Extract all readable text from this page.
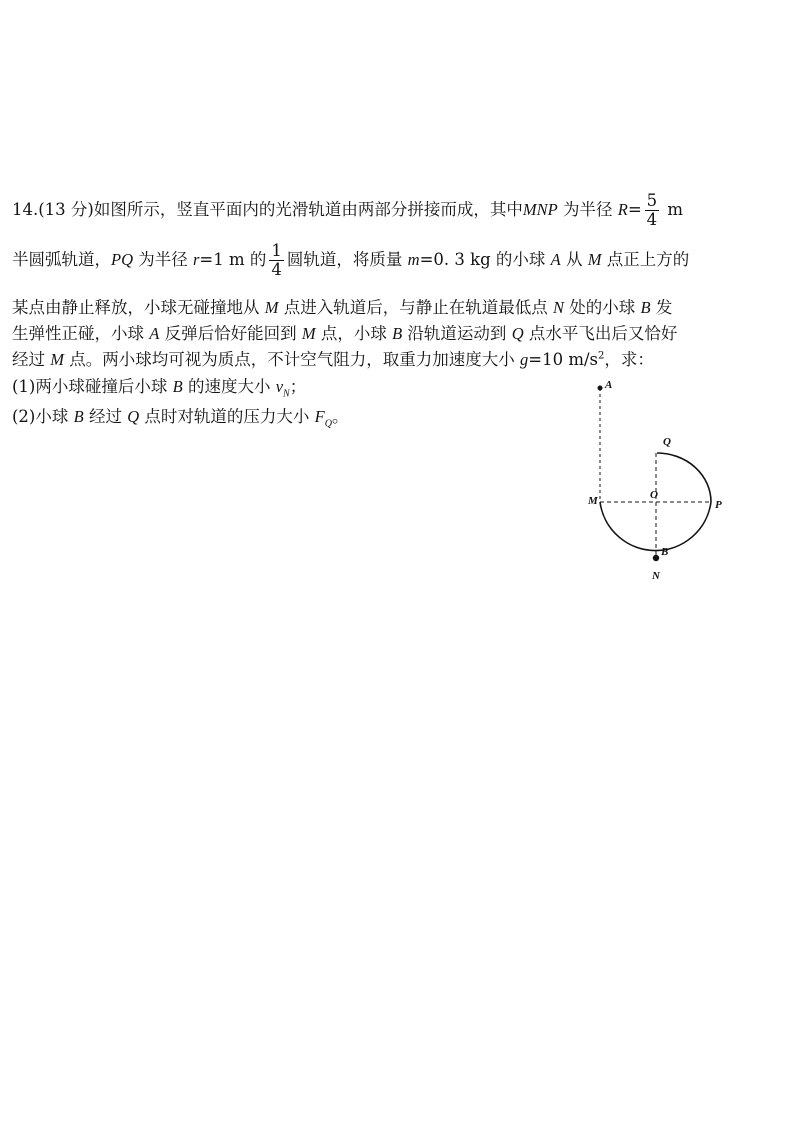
14.(13 分)如图所示，竖直平面内的光滑轨道由两部分拼接而成，其中MNP 为半径 $R= \frac{5}{4}$ m
半圆弧轨道，PQ 为半径 r=1 m 的 $\frac{1}{4}$ 圆轨道，将质量 m=0. 3 kg 的小球 A 从 M 点正上方的
某点由静止释放，小球无碰撞地从 M 点进入轨道后，与静止在轨道最低点 N 处的小球 B 发
生弹性正碰，小球 A 反弹后恰好能回到 M 点，小球 B 沿轨道运动到 Q 点水平飞出后又恰好
经过 M 点。两小球均可视为质点，不计空气阻力，取重力加速度大小 g=10 $m/s^2$，求：
(1)两小球碰撞后小球 B 的速度大小 $v_N$；
(2)小球 B 经过 Q 点时对轨道的压力大小 $F_Q$。
A
Q
M	O
P
B
N
